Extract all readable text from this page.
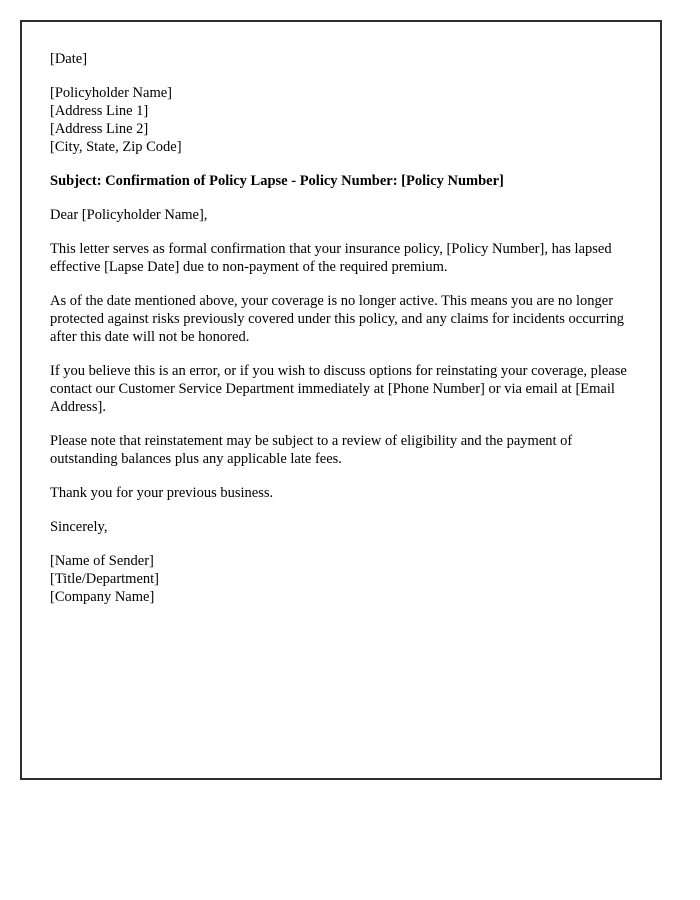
[Date]

[Policyholder Name]
[Address Line 1]
[Address Line 2]
[City, State, Zip Code]

Subject: Confirmation of Policy Lapse - Policy Number: [Policy Number]

Dear [Policyholder Name],

This letter serves as formal confirmation that your insurance policy, [Policy Number], has lapsed effective [Lapse Date] due to non-payment of the required premium.

As of the date mentioned above, your coverage is no longer active. This means you are no longer protected against risks previously covered under this policy, and any claims for incidents occurring after this date will not be honored.

If you believe this is an error, or if you wish to discuss options for reinstating your coverage, please contact our Customer Service Department immediately at [Phone Number] or via email at [Email Address].

Please note that reinstatement may be subject to a review of eligibility and the payment of outstanding balances plus any applicable late fees.

Thank you for your previous business.

Sincerely,

[Name of Sender]
[Title/Department]
[Company Name]
